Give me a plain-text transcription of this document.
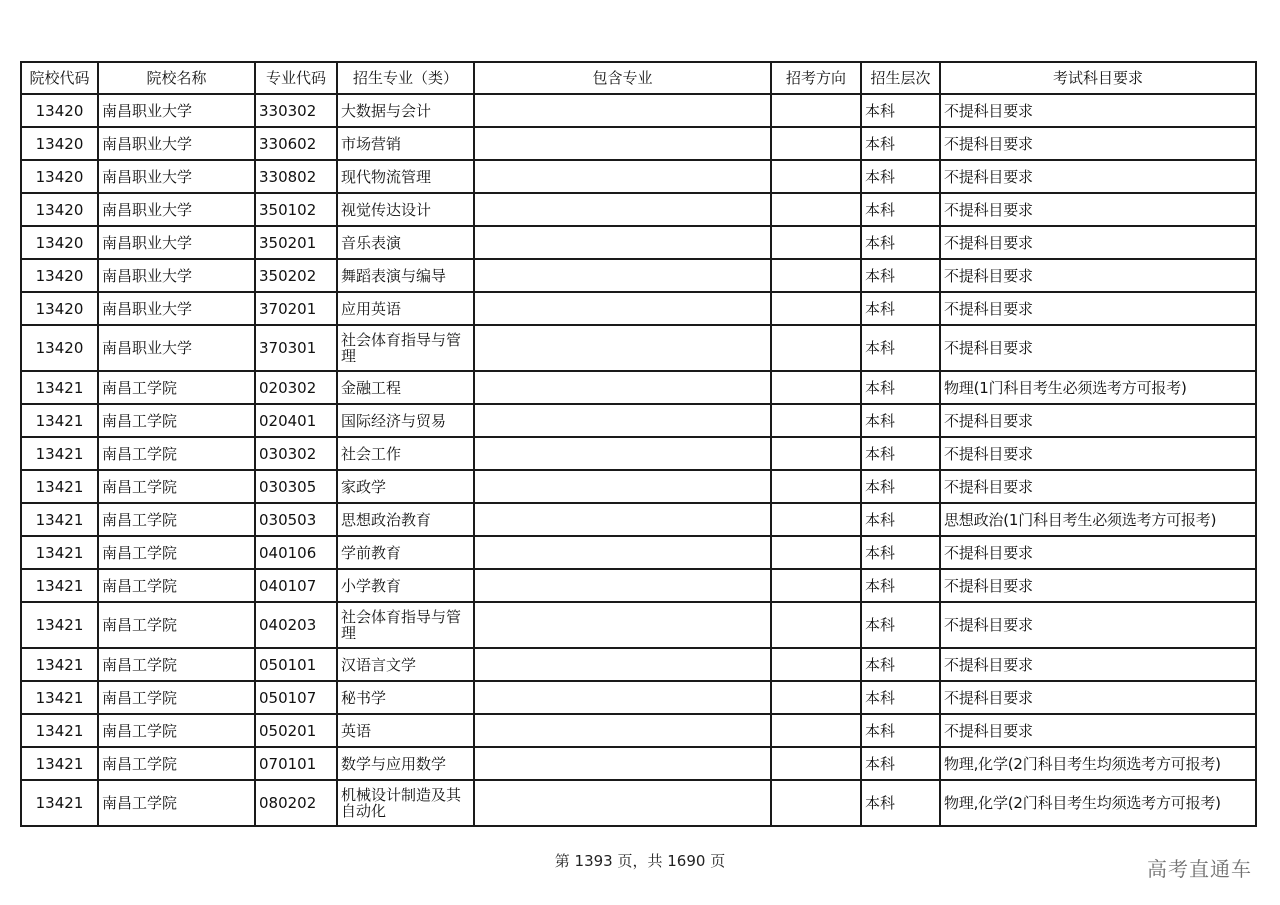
院校代码	院校名称	专业代码	招生专业（类）	包含专业	招考方向	招生层次	考试科目要求
13420	南昌职业大学	330302	大数据与会计			本科	不提科目要求
13420	南昌职业大学	330602	市场营销			本科	不提科目要求
13420	南昌职业大学	330802	现代物流管理			本科	不提科目要求
13420	南昌职业大学	350102	视觉传达设计			本科	不提科目要求
13420	南昌职业大学	350201	音乐表演			本科	不提科目要求
13420	南昌职业大学	350202	舞蹈表演与编导			本科	不提科目要求
13420	南昌职业大学	370201	应用英语			本科	不提科目要求
13420	南昌职业大学	370301	社会体育指导与管理			本科	不提科目要求
13421	南昌工学院	020302	金融工程			本科	物理(1门科目考生必须选考方可报考)
13421	南昌工学院	020401	国际经济与贸易			本科	不提科目要求
13421	南昌工学院	030302	社会工作			本科	不提科目要求
13421	南昌工学院	030305	家政学			本科	不提科目要求
13421	南昌工学院	030503	思想政治教育			本科	思想政治(1门科目考生必须选考方可报考)
13421	南昌工学院	040106	学前教育			本科	不提科目要求
13421	南昌工学院	040107	小学教育			本科	不提科目要求
13421	南昌工学院	040203	社会体育指导与管理			本科	不提科目要求
13421	南昌工学院	050101	汉语言文学			本科	不提科目要求
13421	南昌工学院	050107	秘书学			本科	不提科目要求
13421	南昌工学院	050201	英语			本科	不提科目要求
13421	南昌工学院	070101	数学与应用数学			本科	物理,化学(2门科目考生均须选考方可报考)
13421	南昌工学院	080202	机械设计制造及其自动化			本科	物理,化学(2门科目考生均须选考方可报考)
第 1393 页，共 1690 页	高考直通车
